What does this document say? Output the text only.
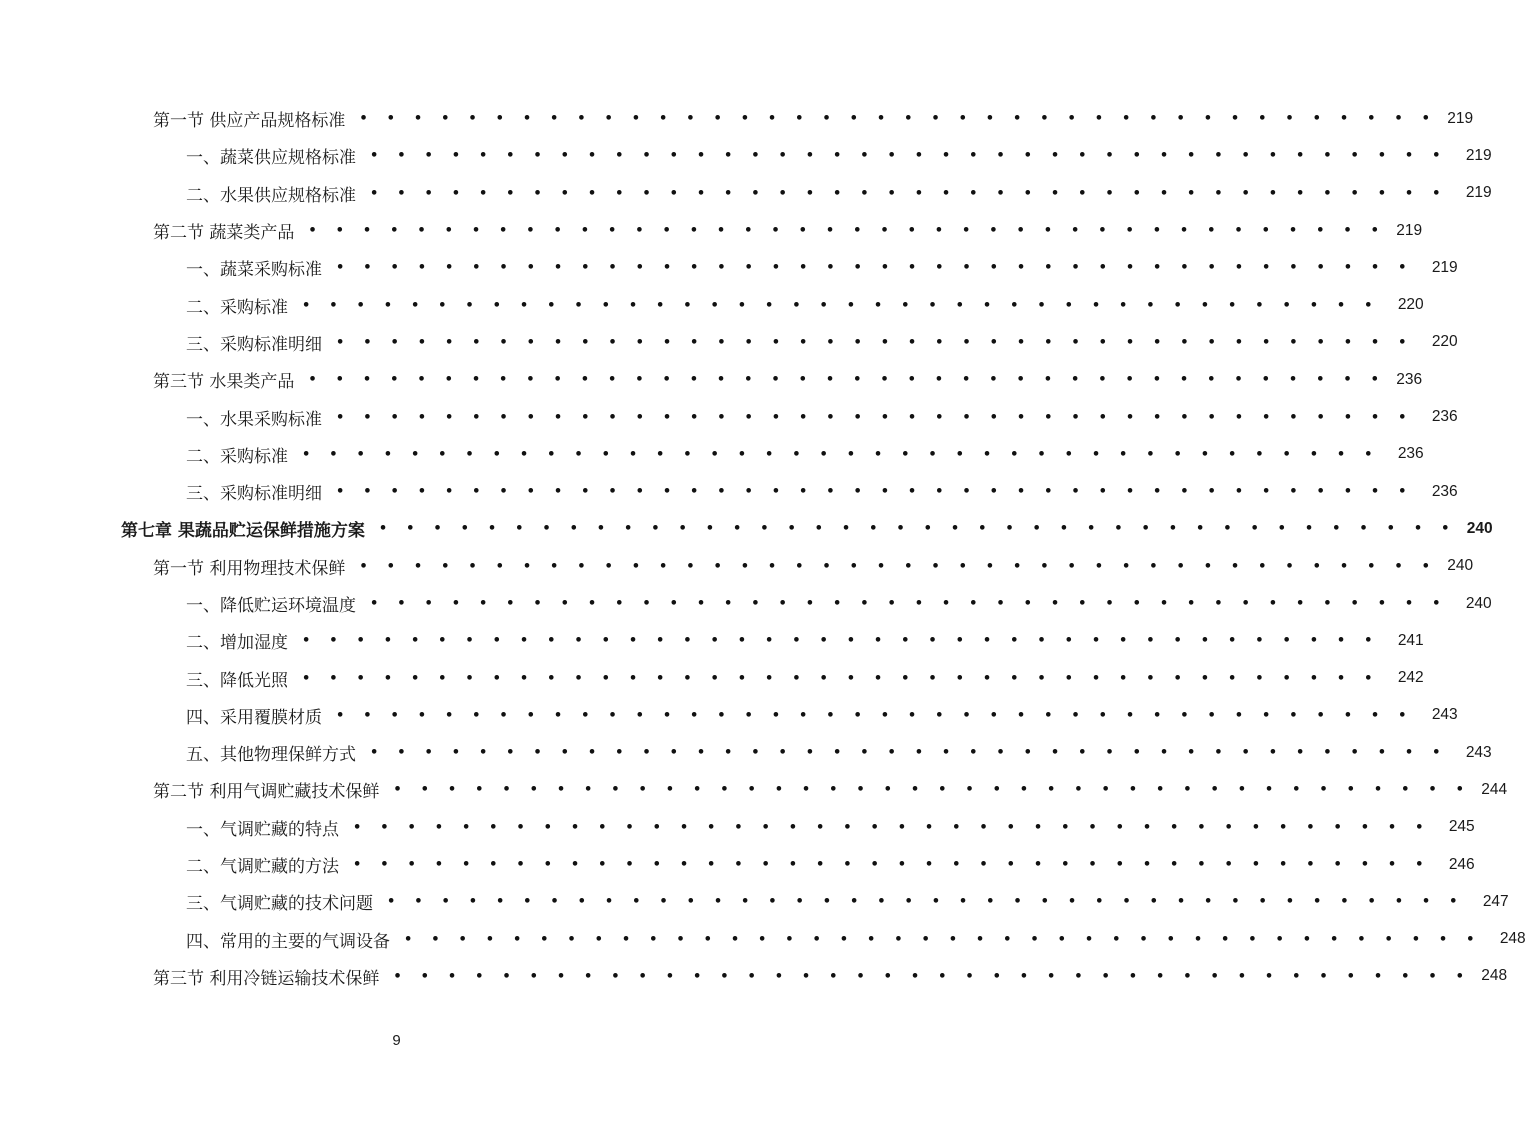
第一节 供应产品规格标准 • • • • • • • • • • • • • • • • • • • • • • • • • • • • • • • • • • • • • • • • 219
一、蔬菜供应规格标准 • • • • • • • • • • • • • • • • • • • • • • • • • • • • • • • • • • • • • • • • 219
二、水果供应规格标准 • • • • • • • • • • • • • • • • • • • • • • • • • • • • • • • • • • • • • • • • 219
第二节 蔬菜类产品 • • • • • • • • • • • • • • • • • • • • • • • • • • • • • • • • • • • • • • • • 219
一、蔬菜采购标准 • • • • • • • • • • • • • • • • • • • • • • • • • • • • • • • • • • • • • • • • 219
二、采购标准 • • • • • • • • • • • • • • • • • • • • • • • • • • • • • • • • • • • • • • • • 220
三、采购标准明细 • • • • • • • • • • • • • • • • • • • • • • • • • • • • • • • • • • • • • • • • 220
第三节 水果类产品 • • • • • • • • • • • • • • • • • • • • • • • • • • • • • • • • • • • • • • • • 236
一、水果采购标准 • • • • • • • • • • • • • • • • • • • • • • • • • • • • • • • • • • • • • • • • 236
二、采购标准 • • • • • • • • • • • • • • • • • • • • • • • • • • • • • • • • • • • • • • • • 236
三、采购标准明细 • • • • • • • • • • • • • • • • • • • • • • • • • • • • • • • • • • • • • • • • 236
第七章 果蔬品贮运保鲜措施方案 • • • • • • • • • • • • • • • • • • • • • • • • • • • • • • • • • • • • • • • • 240
第一节 利用物理技术保鲜 • • • • • • • • • • • • • • • • • • • • • • • • • • • • • • • • • • • • • • • • 240
一、降低贮运环境温度 • • • • • • • • • • • • • • • • • • • • • • • • • • • • • • • • • • • • • • • • 240
二、增加湿度 • • • • • • • • • • • • • • • • • • • • • • • • • • • • • • • • • • • • • • • • 241
三、降低光照 • • • • • • • • • • • • • • • • • • • • • • • • • • • • • • • • • • • • • • • • 242
四、采用覆膜材质 • • • • • • • • • • • • • • • • • • • • • • • • • • • • • • • • • • • • • • • • 243
五、其他物理保鲜方式 • • • • • • • • • • • • • • • • • • • • • • • • • • • • • • • • • • • • • • • • 243
第二节 利用气调贮藏技术保鲜 • • • • • • • • • • • • • • • • • • • • • • • • • • • • • • • • • • • • • • • • 244
一、气调贮藏的特点 • • • • • • • • • • • • • • • • • • • • • • • • • • • • • • • • • • • • • • • • 245
二、气调贮藏的方法 • • • • • • • • • • • • • • • • • • • • • • • • • • • • • • • • • • • • • • • • 246
三、气调贮藏的技术问题 • • • • • • • • • • • • • • • • • • • • • • • • • • • • • • • • • • • • • • • • 247
四、常用的主要的气调设备 • • • • • • • • • • • • • • • • • • • • • • • • • • • • • • • • • • • • • • • • 248
第三节 利用冷链运输技术保鲜 • • • • • • • • • • • • • • • • • • • • • • • • • • • • • • • • • • • • • • • • 248
9
